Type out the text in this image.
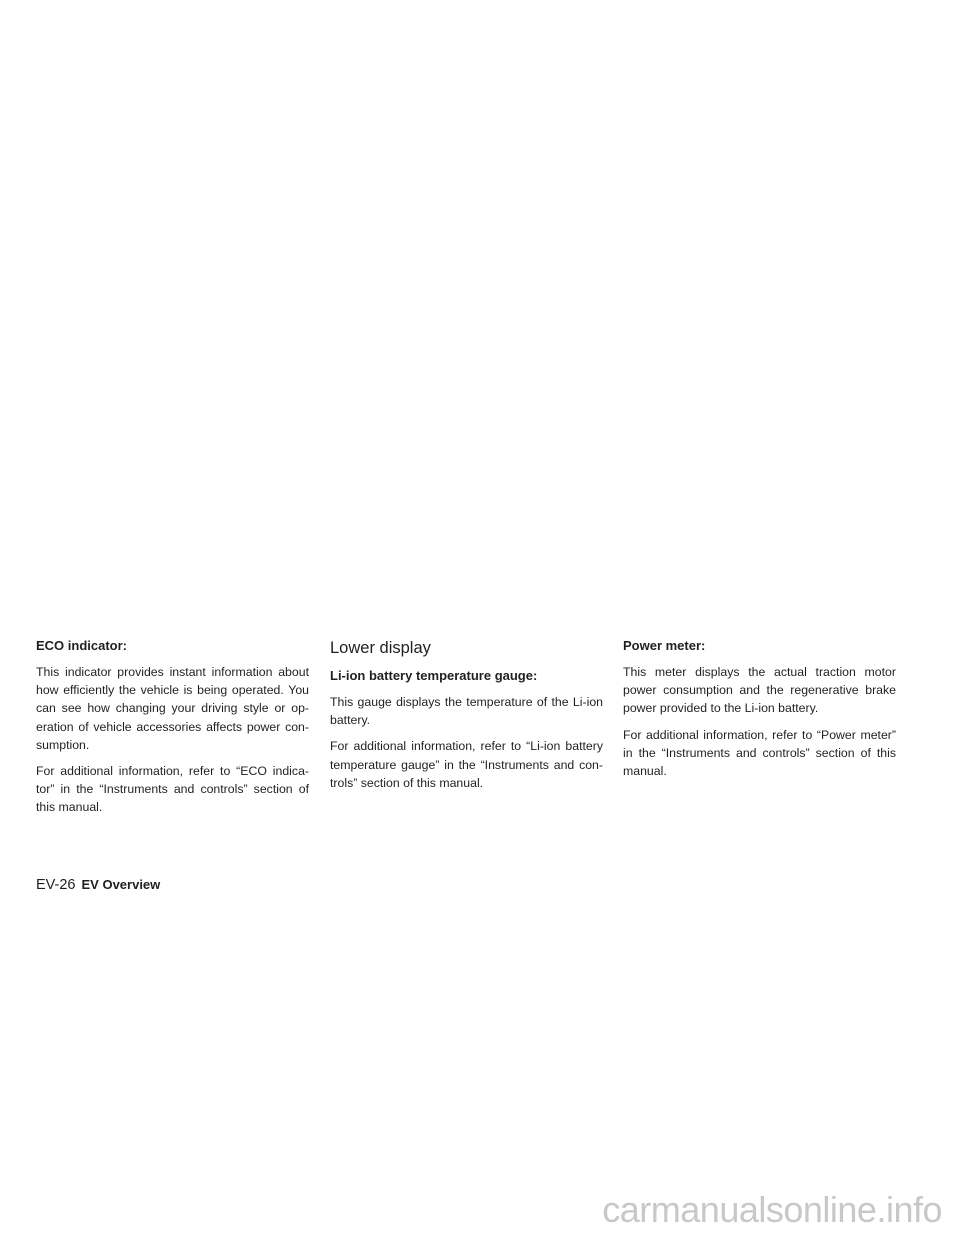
ECO indicator:

This indicator provides instant information about how efficiently the vehicle is being operated. You can see how changing your driving style or op-eration of vehicle accessories affects power con-sumption.

For additional information, refer to “ECO indica-tor” in the “Instruments and controls” section of this manual.

Lower display
Li-ion battery temperature gauge:

This gauge displays the temperature of the Li-ion battery.

For additional information, refer to “Li-ion battery temperature gauge” in the “Instruments and con-trols” section of this manual.

Power meter:

This meter displays the actual traction motor power consumption and the regenerative brake power provided to the Li-ion battery.

For additional information, refer to “Power meter” in the “Instruments and controls” section of this manual.

EV-26 EV Overview
carmanualsonline.info
